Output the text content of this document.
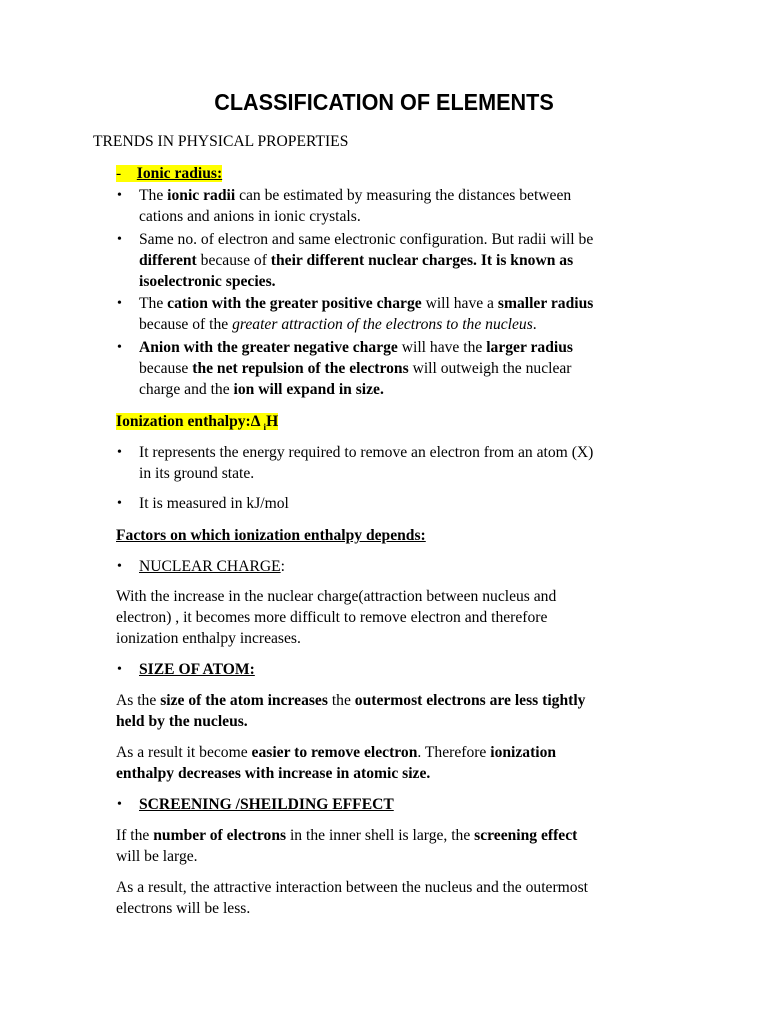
CLASSIFICATION OF ELEMENTS
TRENDS IN PHYSICAL PROPERTIES
- Ionic radius:
• The ionic radii can be estimated by measuring the distances between
cations and anions in ionic crystals.
• Same no. of electron and same electronic configuration. But radii will be
different because of their different nuclear charges. It is known as
isoelectronic species.
• The cation with the greater positive charge will have a smaller radius
because of the greater attraction of the electrons to the nucleus.
• Anion with the greater negative charge will have the larger radius
because the net repulsion of the electrons will outweigh the nuclear
charge and the ion will expand in size.
Ionization enthalpy:Δ $_i$H
• It represents the energy required to remove an electron from an atom (X)
in its ground state.
• It is measured in kJ/mol
Factors on which ionization enthalpy depends:
• NUCLEAR CHARGE:
With the increase in the nuclear charge(attraction between nucleus and
electron) , it becomes more difficult to remove electron and therefore
ionization enthalpy increases.
• SIZE OF ATOM:
As the size of the atom increases the outermost electrons are less tightly
held by the nucleus.
As a result it become easier to remove electron. Therefore ionization
enthalpy decreases with increase in atomic size.
• SCREENING /SHEILDING EFFECT
If the number of electrons in the inner shell is large, the screening effect
will be large.
As a result, the attractive interaction between the nucleus and the outermost
electrons will be less.
